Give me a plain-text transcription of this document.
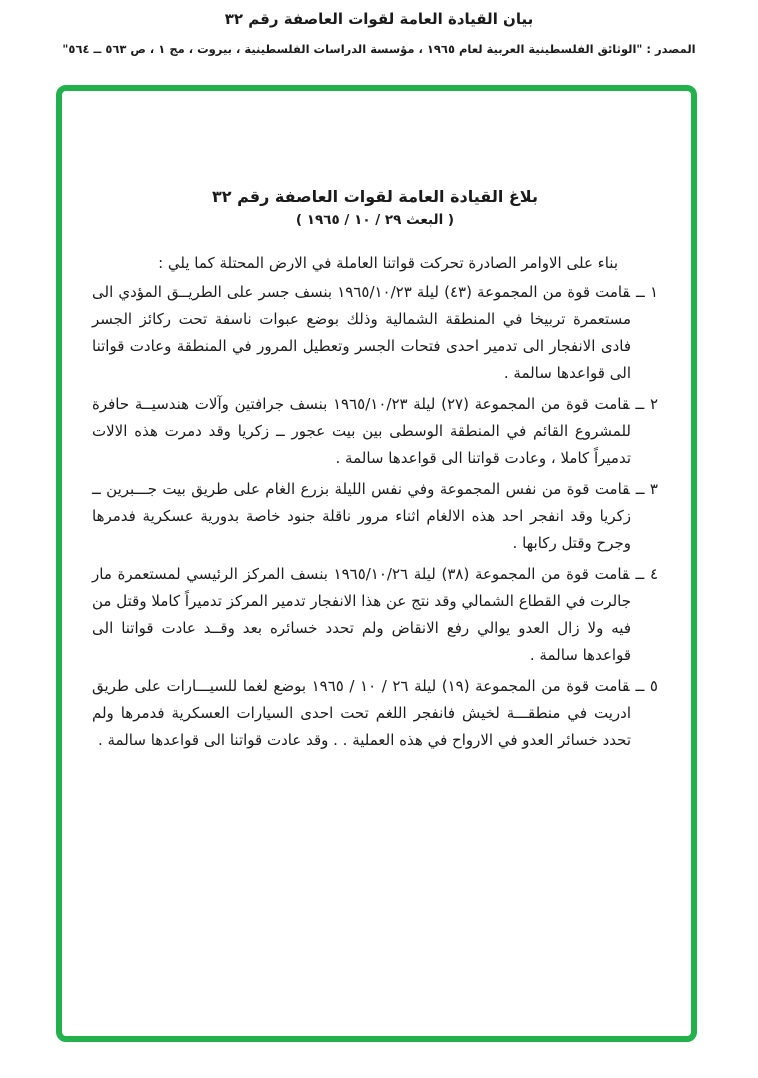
بيان القيادة العامة لقوات العاصفة رقم ٣٢
المصدر : "الوثائق الفلسطينية العربية لعام ١٩٦٥ ، مؤسسة الدراسات الفلسطينية ، بيروت ، مج ١ ، ص ٥٦٣ ــ ٥٦٤"
بلاغ القيادة العامة لقوات العاصفة رقم ٣٢
( البعث ٢٩ / ١٠ / ١٩٦٥ )

بناء على الاوامر الصادرة تحركت قواتنا العاملة في الارض المحتلة كما يلي :

١ ــقامت قوة من المجموعة (٤٣) ليلة ١٩٦٥/١٠/٢٣ بنسف جسر على الطريــق المؤدي الى مستعمرة تربيخا في المنطقة الشمالية وذلك بوضع عبوات ناسفة تحت ركائز الجسر فادى الانفجار الى تدمير احدى فتحات الجسر وتعطيل المرور في المنطقة وعادت قواتنا الى قواعدها سالمة .

٢ ــقامت قوة من المجموعة (٢٧) ليلة ١٩٦٥/١٠/٢٣ بنسف جرافتين وآلات هندسيــة حافرة للمشروع القائم في المنطقة الوسطى بين بيت عجور ــ زكريا وقد دمرت هذه الالات تدميراً كاملا ، وعادت قواتنا الى قواعدها سالمة .

٣ ــقامت قوة من نفس المجموعة وفي نفس الليلة بزرع الغام على طريق بيت جـــبرين ــ زكريا وقد انفجر احد هذه الالغام اثناء مرور ناقلة جنود خاصة بدورية عسكرية فدمرها وجرح وقتل ركابها .

٤ ــقامت قوة من المجموعة (٣٨) ليلة ١٩٦٥/١٠/٢٦ بنسف المركز الرئيسي لمستعمرة مار جالرت في القطاع الشمالي وقد نتج عن هذا الانفجار تدمير المركز تدميراً كاملا وقتل من فيه ولا زال العدو يوالي رفع الانقاض ولم تحدد خسائره بعد وقــد عادت قواتنا الى قواعدها سالمة .

٥ ــقامت قوة من المجموعة (١٩) ليلة ٢٦ / ١٠ / ١٩٦٥ بوضع لغما للسيـــارات على طريق ادريت في منطقـــة لخيش فانفجر اللغم تحت احدى السيارات العسكرية فدمرها ولم تحدد خسائر العدو في الارواح في هذه العملية . . وقد عادت قواتنا الى قواعدها سالمة .
